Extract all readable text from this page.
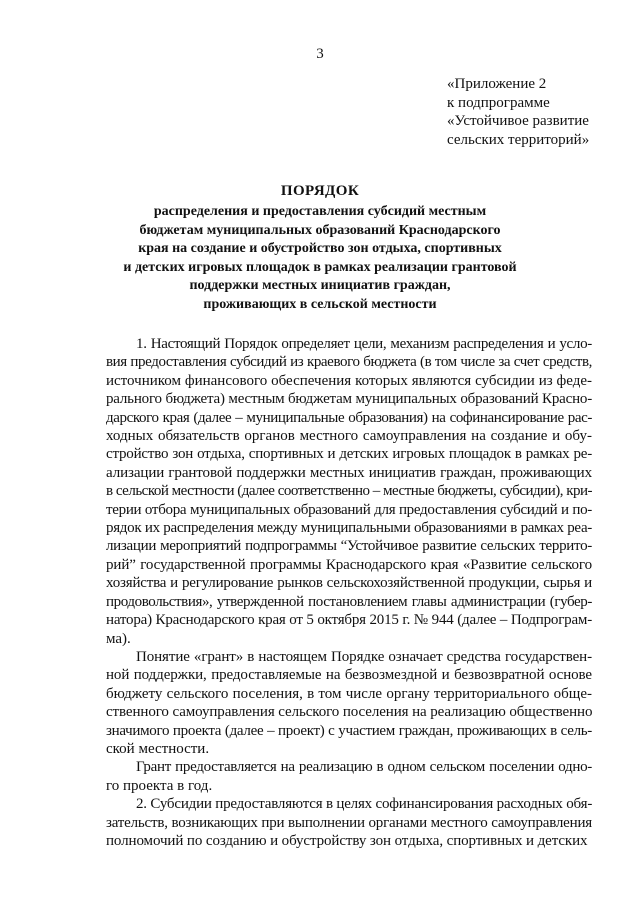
3
«Приложение 2
к подпрограмме
«Устойчивое развитие
сельских территорий»
ПОРЯДОК
распределения и предоставления субсидий местным
бюджетам муниципальных образований Краснодарского
края на создание и обустройство зон отдыха, спортивных
и детских игровых площадок в рамках реализации грантовой
поддержки местных инициатив граждан,
проживающих в сельской местности

1. Настоящий Порядок определяет цели, механизм распределения и усло-
вия предоставления субсидий из краевого бюджета (в том числе за счет средств,
источником финансового обеспечения которых являются субсидии из феде-
рального бюджета) местным бюджетам муниципальных образований Красно-
дарского края (далее – муниципальные образования) на софинансирование рас-
ходных обязательств органов местного самоуправления на создание и обу-
стройство зон отдыха, спортивных и детских игровых площадок в рамках ре-
ализации грантовой поддержки местных инициатив граждан, проживающих
в сельской местности (далее соответственно – местные бюджеты, субсидии), кри-
терии отбора муниципальных образований для предоставления субсидий и по-
рядок их распределения между муниципальными образованиями в рамках реа-
лизации мероприятий подпрограммы “Устойчивое развитие сельских террито-
рий” государственной программы Краснодарского края «Развитие сельского
хозяйства и регулирование рынков сельскохозяйственной продукции, сырья и
продовольствия», утвержденной постановлением главы администрации (губер-
натора) Краснодарского края от 5 октября 2015 г. № 944 (далее – Подпрограм-
ма).

Понятие «грант» в настоящем Порядке означает средства государствен-
ной поддержки, предоставляемые на безвозмездной и безвозвратной основе
бюджету сельского поселения, в том числе органу территориального обще-
ственного самоуправления сельского поселения на реализацию общественно
значимого проекта (далее – проект) с участием граждан, проживающих в сель-
ской местности.

Грант предоставляется на реализацию в одном сельском поселении одно-
го проекта в год.

2. Субсидии предоставляются в целях софинансирования расходных обя-
зательств, возникающих при выполнении органами местного самоуправления
полномочий по созданию и обустройству зон отдыха, спортивных и детских
